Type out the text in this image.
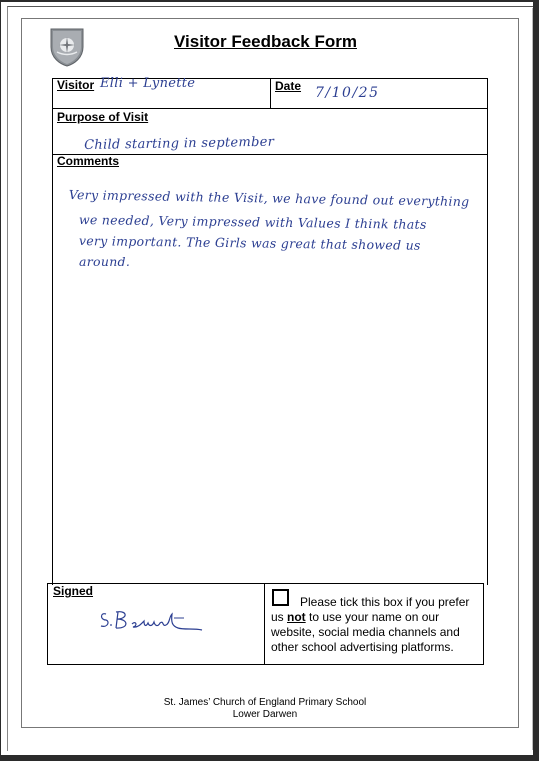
Visitor Feedback Form
Visitor	Date
Purpose of Visit
Comments
Signed
Elli + Lynette
7/10/25
Child starting in september
Very impressed with the Visit, we have found out everything
we needed, Very impressed with Values I think thats
very important. The Girls was great that showed us
around.
Please tick this box if you prefer us not to use your name on our website, social media channels and other school advertising platforms.
St. James’ Church of England Primary School
Lower Darwen
